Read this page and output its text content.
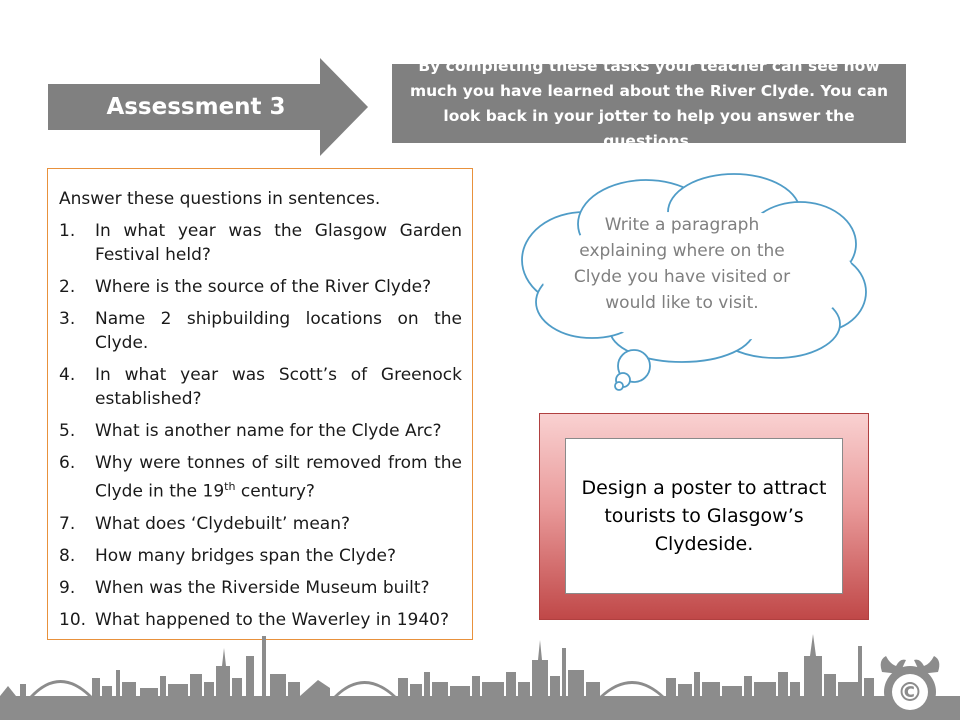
Assessment 3
By completing these tasks your teacher can see how much you have learned about the River Clyde. You can look back in your jotter to help you answer the questions.

Answer these questions in sentences.

1.	In what year was the Glasgow Garden Festival held?
2.	Where is the source of the River Clyde?
3.	Name 2 shipbuilding locations on the Clyde.
4.	In what year was Scott’s of Greenock established?
5.	What is another name for the Clyde Arc?
6.	Why were tonnes of silt removed from the Clyde in the 19th century?
7.	What does ‘Clydebuilt’ mean?
8.	How many bridges span the Clyde?
9.	When was the Riverside Museum built?
10. What happened to the Waverley in 1940?
Write a paragraph explaining where on the Clyde you have visited or would like to visit.
Design a poster to attract tourists to Glasgow’s Clydeside.
©
